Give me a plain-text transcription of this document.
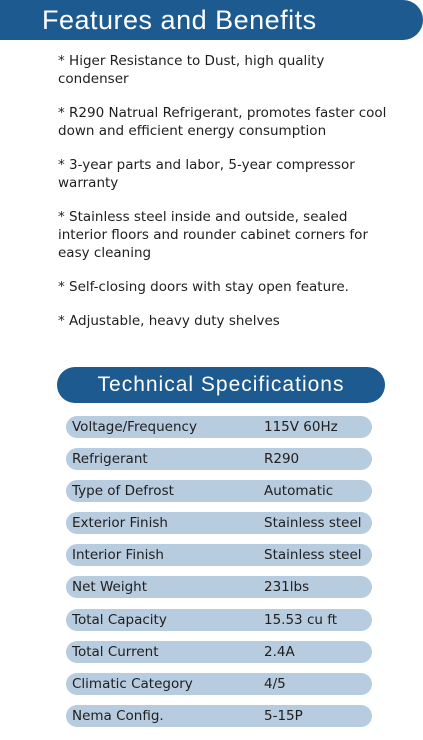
Features and Benefits
* Higer Resistance to Dust, high quality condenser
* R290 Natrual Refrigerant, promotes faster cool down and efficient energy consumption
* 3-year parts and labor, 5-year compressor warranty
* Stainless steel inside and outside, sealed interior floors and rounder cabinet corners for easy cleaning
* Self-closing doors with stay open feature.
* Adjustable, heavy duty shelves
Technical Specifications
Voltage/Frequency	115V 60Hz
Refrigerant	R290
Type of Defrost	Automatic
Exterior Finish	Stainless steel
Interior Finish	Stainless steel
Net Weight	231lbs
Total Capacity	15.53 cu ft
Total Current	2.4A
Climatic Category	4/5
Nema Config.	5-15P
